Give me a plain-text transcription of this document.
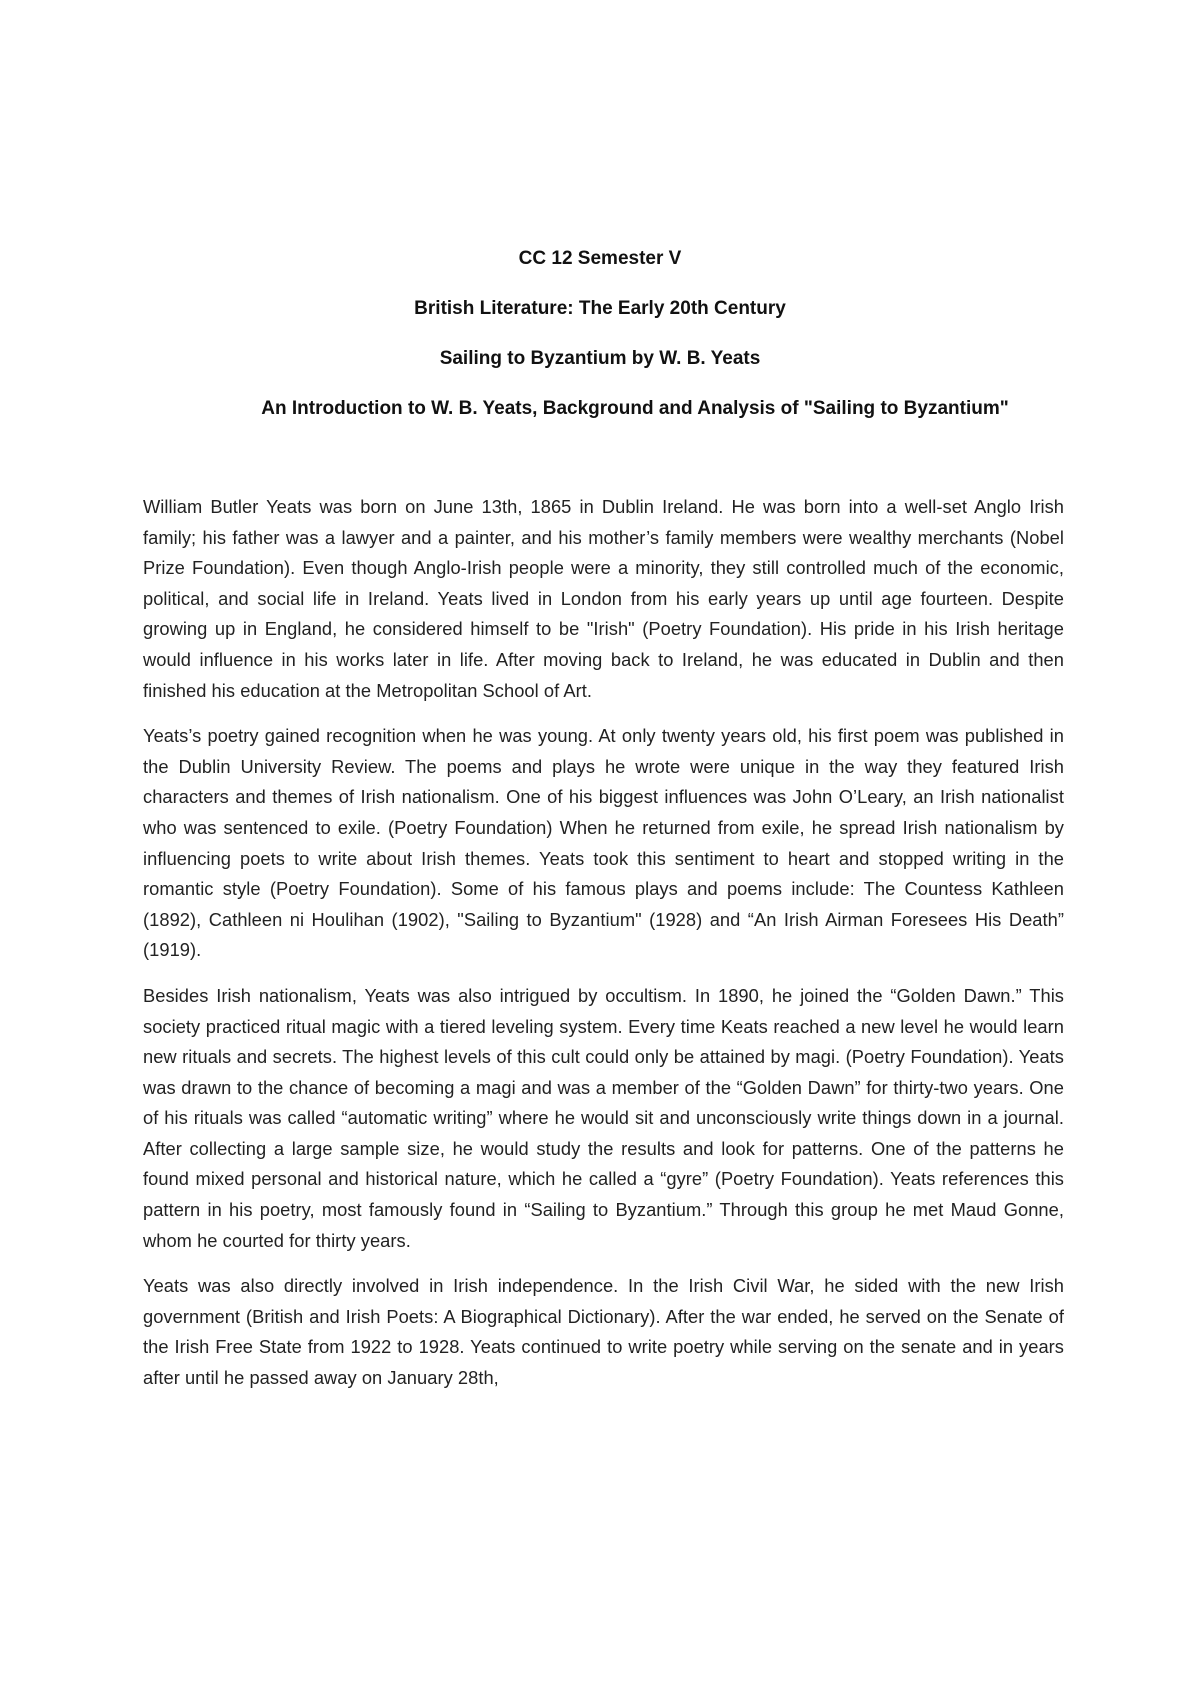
CC 12 Semester V

British Literature: The Early 20th Century

Sailing to Byzantium by W. B. Yeats

An Introduction to W. B. Yeats, Background and Analysis of "Sailing to Byzantium"

William Butler Yeats was born on June 13th, 1865 in Dublin Ireland. He was born into a well-set Anglo Irish family; his father was a lawyer and a painter, and his mother’s family members were wealthy merchants (Nobel Prize Foundation). Even though Anglo-Irish people were a minority, they still controlled much of the economic, political, and social life in Ireland. Yeats lived in London from his early years up until age fourteen. Despite growing up in England, he considered himself to be "Irish" (Poetry Foundation). His pride in his Irish heritage would influence in his works later in life. After moving back to Ireland, he was educated in Dublin and then finished his education at the Metropolitan School of Art.

Yeats’s poetry gained recognition when he was young. At only twenty years old, his first poem was published in the Dublin University Review. The poems and plays he wrote were unique in the way they featured Irish characters and themes of Irish nationalism. One of his biggest influences was John O’Leary, an Irish nationalist who was sentenced to exile. (Poetry Foundation) When he returned from exile, he spread Irish nationalism by influencing poets to write about Irish themes. Yeats took this sentiment to heart and stopped writing in the romantic style (Poetry Foundation). Some of his famous plays and poems include: The Countess Kathleen (1892), Cathleen ni Houlihan (1902), "Sailing to Byzantium" (1928) and “An Irish Airman Foresees His Death” (1919).

Besides Irish nationalism, Yeats was also intrigued by occultism. In 1890, he joined the “Golden Dawn.” This society practiced ritual magic with a tiered leveling system. Every time Keats reached a new level he would learn new rituals and secrets. The highest levels of this cult could only be attained by magi. (Poetry Foundation). Yeats was drawn to the chance of becoming a magi and was a member of the “Golden Dawn” for thirty-two years. One of his rituals was called “automatic writing” where he would sit and unconsciously write things down in a journal. After collecting a large sample size, he would study the results and look for patterns. One of the patterns he found mixed personal and historical nature, which he called a “gyre” (Poetry Foundation). Yeats references this pattern in his poetry, most famously found in “Sailing to Byzantium.” Through this group he met Maud Gonne, whom he courted for thirty years.

Yeats was also directly involved in Irish independence. In the Irish Civil War, he sided with the new Irish government (British and Irish Poets: A Biographical Dictionary). After the war ended, he served on the Senate of the Irish Free State from 1922 to 1928. Yeats continued to write poetry while serving on the senate and in years after until he passed away on January 28th,
